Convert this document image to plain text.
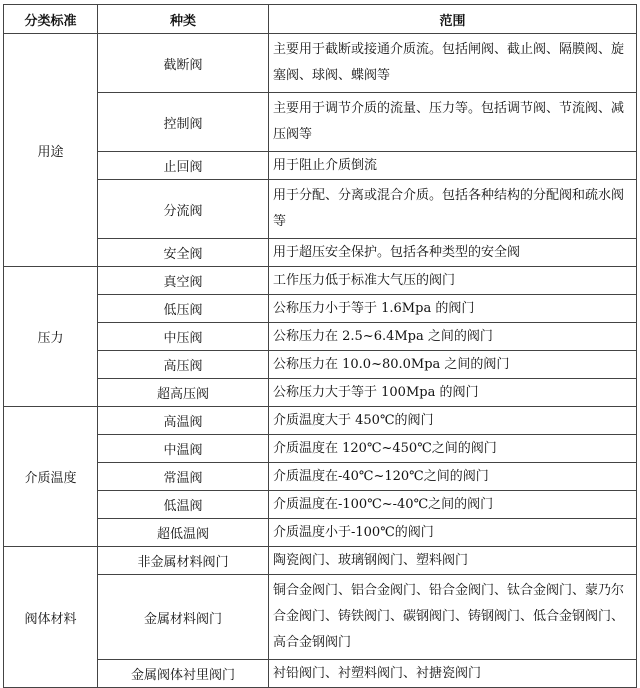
分类标准	种类	范围
用途	截断阀	主要用于截断或接通介质流。包括闸阀、截止阀、隔膜阀、旋塞阀、球阀、蝶阀等
	控制阀	主要用于调节介质的流量、压力等。包括调节阀、节流阀、减压阀等
	止回阀	用于阻止介质倒流
	分流阀	用于分配、分离或混合介质。包括各种结构的分配阀和疏水阀等
	安全阀	用于超压安全保护。包括各种类型的安全阀
压力	真空阀	工作压力低于标准大气压的阀门
	低压阀	公称压力小于等于 1.6Mpa 的阀门
	中压阀	公称压力在 2.5~6.4Mpa 之间的阀门
	高压阀	公称压力在 10.0~80.0Mpa 之间的阀门
	超高压阀	公称压力大于等于 100Mpa 的阀门
介质温度	高温阀	介质温度大于 450℃的阀门
	中温阀	介质温度在 120℃~450℃之间的阀门
	常温阀	介质温度在-40℃~120℃之间的阀门
	低温阀	介质温度在-100℃~-40℃之间的阀门
	超低温阀	介质温度小于-100℃的阀门
阀体材料	非金属材料阀门	陶瓷阀门、玻璃钢阀门、塑料阀门
	金属材料阀门	铜合金阀门、铝合金阀门、铅合金阀门、钛合金阀门、蒙乃尔合金阀门、铸铁阀门、碳钢阀门、铸钢阀门、低合金钢阀门、高合金钢阀门
	金属阀体衬里阀门	衬铅阀门、衬塑料阀门、衬搪瓷阀门
